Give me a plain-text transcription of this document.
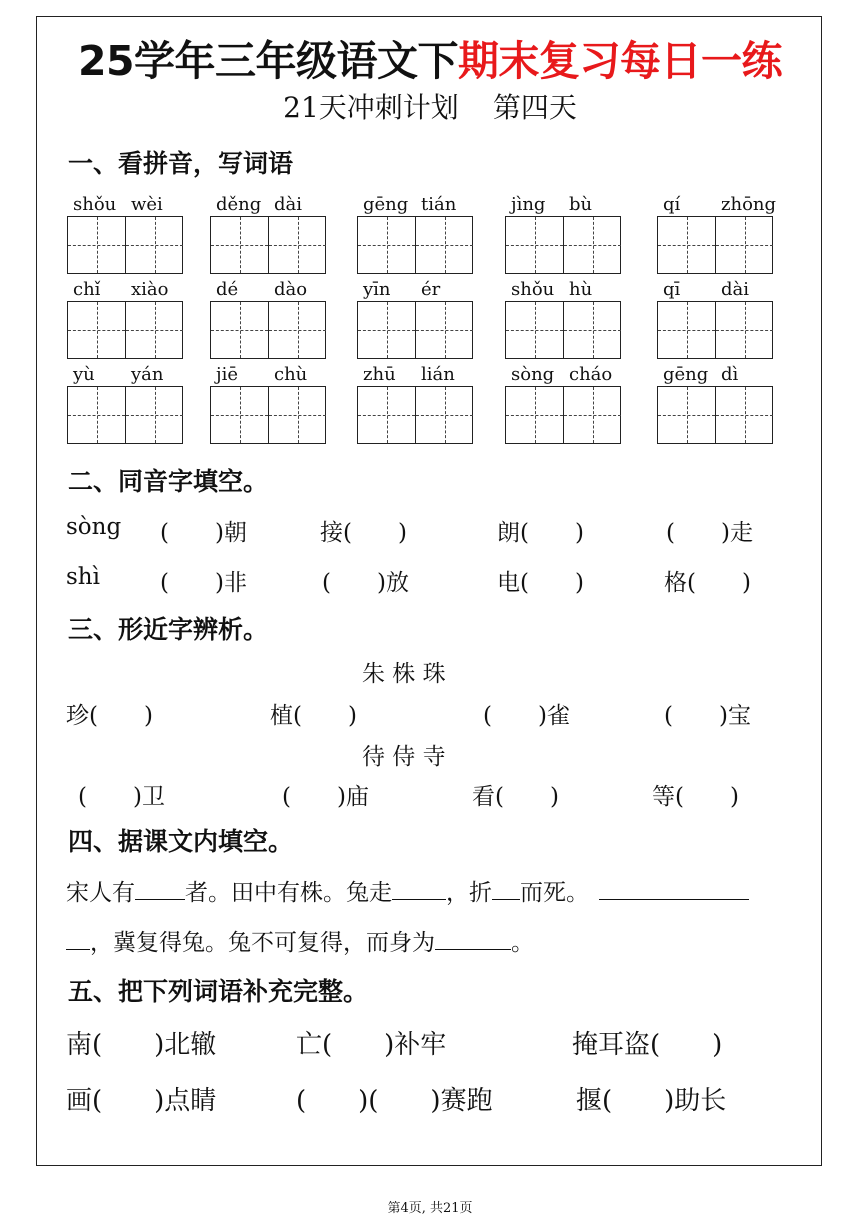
25学年三年级语文下期末复习每日一练
21天冲刺计划 第四天
一、看拼音，写词语
shǒu wèi	děng dài	gēng tián	jìng bù	qí zhōng
chǐ xiào	dé dào	yīn ér	shǒu hù	qī dài
yù yán	jiē chù	zhū lián	sòng cháo	gēng dì
二、同音字填空。
sòng (　　)朝	接(　　)	朗(　　)	(　　)走
shì	(　　)非	(　　)放	电(　　)	格(　　)
三、形近字辨析。
朱 株 珠
珍(　　)	植(　　)	(　　)雀	(　　)宝
待 侍 寺
(　　)卫	(　　)庙	看(　　)	等(　　)
四、据课文内填空。
宋人有 者。田中有株。兔走 ，折 而死。
，冀复得兔。兔不可复得，而身为	。
五、把下列词语补充完整。
南(　　)北辙	亡(　　)补牢	掩耳盗(　　)
画(　　)点睛	(　　)(　　)赛跑	揠(　　)助长
第4页, 共21页
